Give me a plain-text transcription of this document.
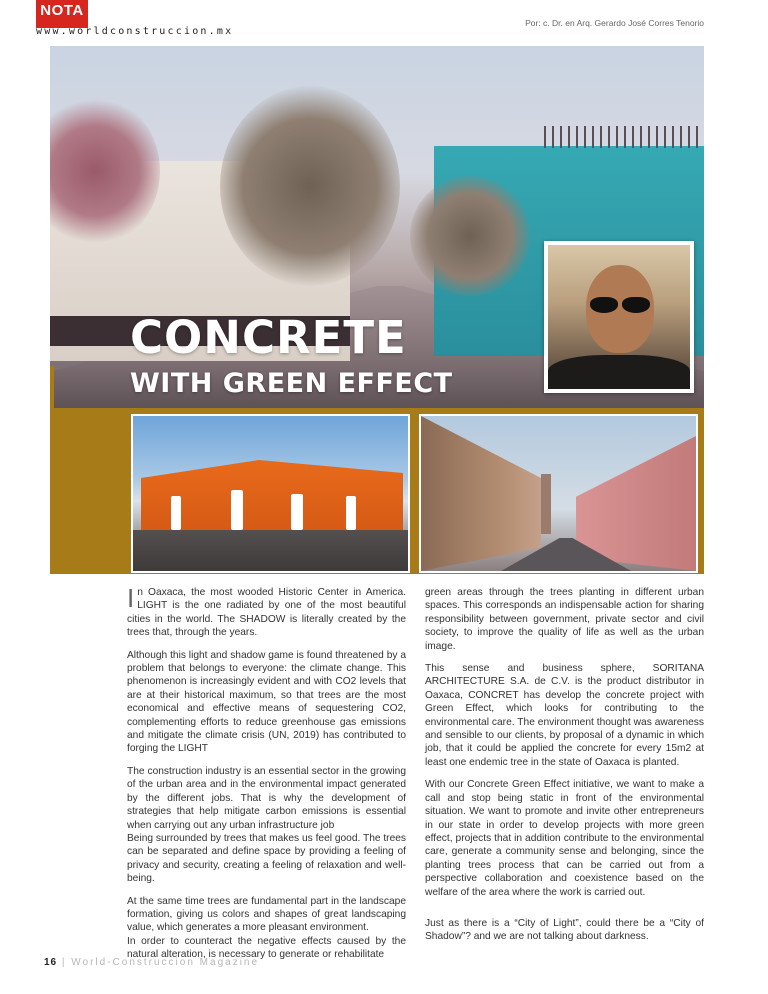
NOTA
www.worldconstruccion.mx
Por: c. Dr. en Arq. Gerardo José Corres Tenorio
CONCRETE
WITH GREEN EFFECT

In Oaxaca, the most wooded Historic Center in America. LIGHT is the one radiated by one of the most beautiful cities in the world. The SHADOW is literally created by the trees that, through the years.

Although this light and shadow game is found threatened by a problem that belongs to everyone: the climate change. This phenomenon is increasingly evident and with CO2 levels that are at their historical maximum, so that trees are the most economical and effective means of sequestering CO2, complementing efforts to reduce greenhouse gas emissions and mitigate the climate crisis (UN, 2019) has contributed to forging the LIGHT

The construction industry is an essential sector in the growing of the urban area and in the environmental impact generated by the different jobs. That is why the development of strategies that help mitigate carbon emissions is essential when carrying out any urban infrastructure job

Being surrounded by trees that makes us feel good. The trees can be separated and define space by providing a feeling of privacy and security, creating a feeling of relaxation and well-being.

At the same time trees are fundamental part in the landscape formation, giving us colors and shapes of great landscaping value, which generates a more pleasant environment.

In order to counteract the negative effects caused by the natural alteration, is necessary to generate or rehabilitate

green areas through the trees planting in different urban spaces. This corresponds an indispensable action for sharing responsibility between government, private sector and civil society, to improve the quality of life as well as the urban image.

This sense and business sphere, SORITANA ARCHITECTURE S.A. de C.V. is the product distributor in Oaxaca, CONCRET has develop the concrete project with Green Effect, which looks for contributing to the environmental care. The environment thought was awareness and sensible to our clients, by proposal of a dynamic in which job, that it could be applied the concrete for every 15m2 at least one endemic tree in the state of Oaxaca is planted.

With our Concrete Green Effect initiative, we want to make a call and stop being static in front of the environmental situation. We want to promote and invite other entrepreneurs in our state in order to develop projects with more green effect, projects that in addition contribute to the environmental care, generate a community sense and belonging, since the planting trees process that can be carried out from a perspective collaboration and coexistence based on the welfare of the area where the work is carried out.

Just as there is a “City of Light”, could there be a “City of Shadow”? and we are not talking about darkness.

16 | World-Construccion Magazine
